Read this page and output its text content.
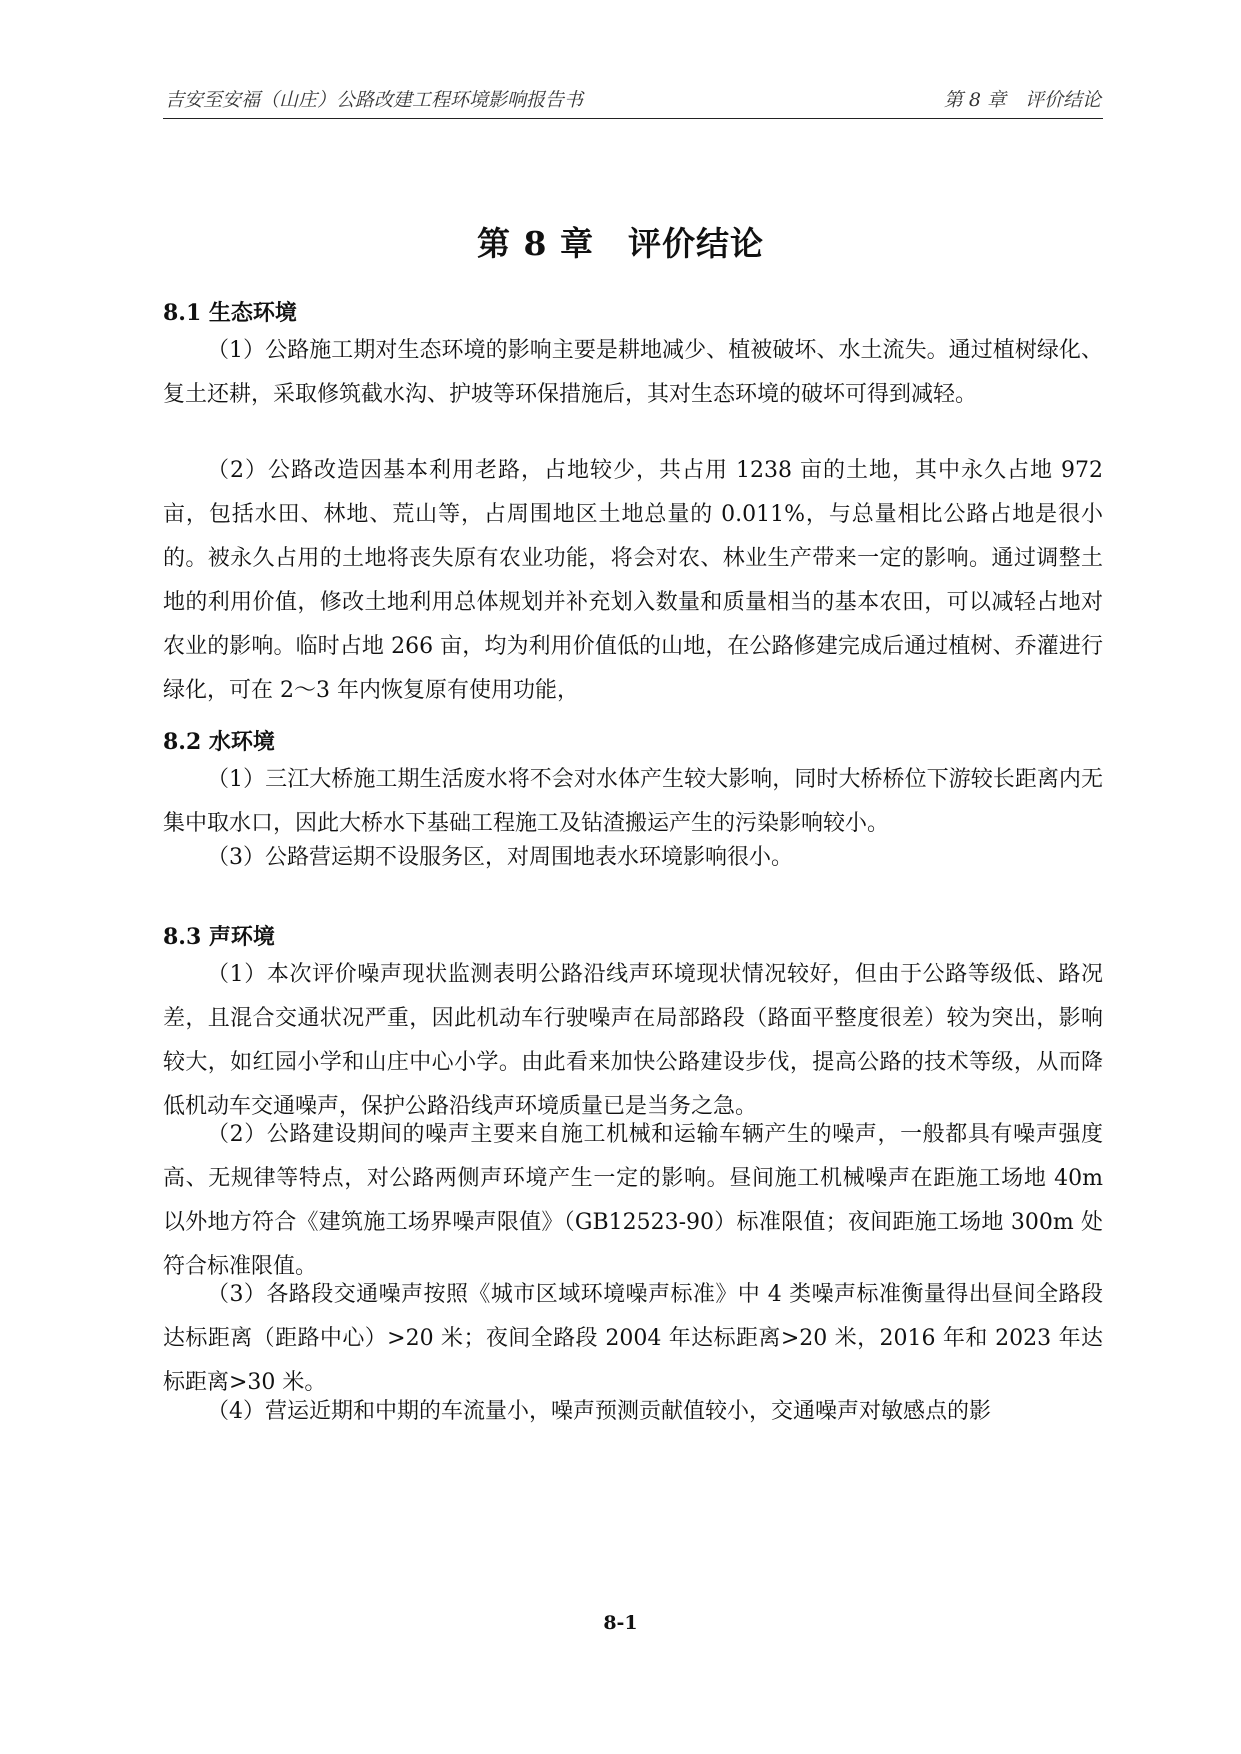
吉安至安福（山庄）公路改建工程环境影响报告书	第 8 章　评价结论
第 8 章　评价结论
8.1 生态环境

（1）公路施工期对生态环境的影响主要是耕地减少、植被破坏、水土流失。通过植树绿化、复土还耕，采取修筑截水沟、护坡等环保措施后，其对生态环境的破坏可得到减轻。

（2）公路改造因基本利用老路，占地较少，共占用 1238 亩的土地，其中永久占地 972 亩，包括水田、林地、荒山等，占周围地区土地总量的 0.011%，与总量相比公路占地是很小的。被永久占用的土地将丧失原有农业功能，将会对农、林业生产带来一定的影响。通过调整土地的利用价值，修改土地利用总体规划并补充划入数量和质量相当的基本农田，可以减轻占地对农业的影响。临时占地 266 亩，均为利用价值低的山地，在公路修建完成后通过植树、乔灌进行绿化，可在 2～3 年内恢复原有使用功能，

8.2 水环境

（1）三江大桥施工期生活废水将不会对水体产生较大影响，同时大桥桥位下游较长距离内无集中取水口，因此大桥水下基础工程施工及钻渣搬运产生的污染影响较小。

（3）公路营运期不设服务区，对周围地表水环境影响很小。

8.3 声环境

（1）本次评价噪声现状监测表明公路沿线声环境现状情况较好，但由于公路等级低、路况差，且混合交通状况严重，因此机动车行驶噪声在局部路段（路面平整度很差）较为突出，影响较大，如红园小学和山庄中心小学。由此看来加快公路建设步伐，提高公路的技术等级，从而降低机动车交通噪声，保护公路沿线声环境质量已是当务之急。

（2）公路建设期间的噪声主要来自施工机械和运输车辆产生的噪声，一般都具有噪声强度高、无规律等特点，对公路两侧声环境产生一定的影响。昼间施工机械噪声在距施工场地 40m 以外地方符合《建筑施工场界噪声限值》（GB12523-90）标准限值；夜间距施工场地 300m 处符合标准限值。

（3）各路段交通噪声按照《城市区域环境噪声标准》中 4 类噪声标准衡量得出昼间全路段达标距离（距路中心）>20 米；夜间全路段 2004 年达标距离>20 米，2016 年和 2023 年达标距离>30 米。

（4）营运近期和中期的车流量小，噪声预测贡献值较小，交通噪声对敏感点的影

8-1
